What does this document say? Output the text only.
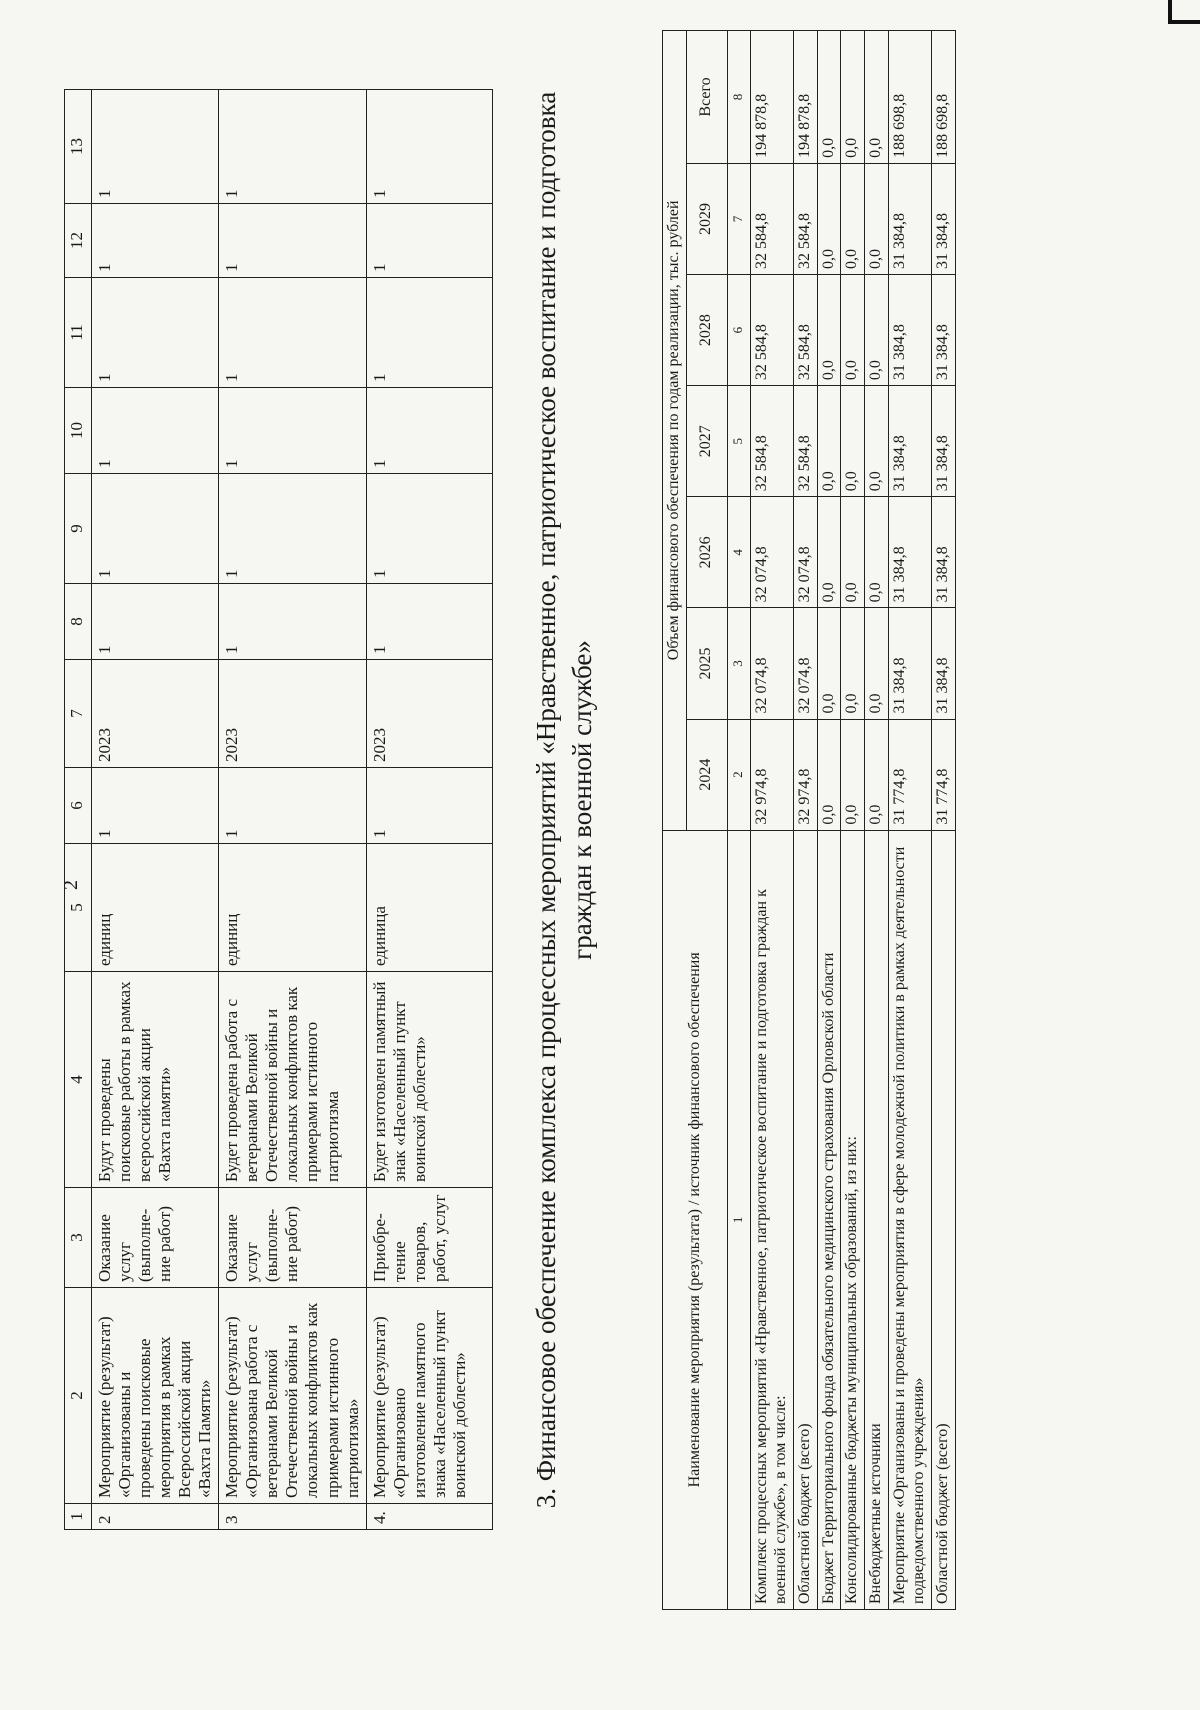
2
1	2	3	4	5	6	7	8	9	10	11	12	13
2	Мероприятие (результат) «Организованы и проведены поисковые мероприятия в рамках Всероссийской акции «Вахта Памяти»	Оказание услуг (выполне-ние работ)	Будут проведены поисковые работы в рамках всероссийской акции «Вахта памяти»	единиц	1	2023	1	1	1	1	1	1
3	Мероприятие (результат) «Организована работа с ветеранами Великой Отечественной войны и локальных конфликтов как примерами истинного патриотизма»	Оказание услуг (выполне-ние работ)	Будет проведена работа с ветеранами Великой Отечественной войны и локальных конфликтов как примерами истинного патриотизма	единиц	1	2023	1	1	1	1	1	1
4.	Мероприятие (результат) «Организовано изготовление памятного знака «Населенный пункт воинской доблести»	Приобре-тение товаров, работ, услуг	Будет изготовлен памятный знак «Населенный пункт воинской доблести»	единица	1	2023	1	1	1	1	1	1	3. Финансовое обеспечение комплекса процессных мероприятий «Нравственное, патриотическое воспитание и подготовка граждан к военной службе»
Наименование мероприятия (результата) / источник финансового обеспечения	Объем финансового обеспечения по годам реализации, тыс. рублей						
	2024	2025	2026	2027	2028	2029	Всего
1	2	3	4	5	6	7	8
Комплекс процессных мероприятий «Нравственное, патриотическое воспитание и подготовка граждан к военной службе», в том числе:	32 974,8	32 074,8	32 074,8	32 584,8	32 584,8	32 584,8	194 878,8
Областной бюджет (всего)	32 974,8	32 074,8	32 074,8	32 584,8	32 584,8	32 584,8	194 878,8
Бюджет Территориального фонда обязательного медицинского страхования Орловской области	0,0	0,0	0,0	0,0	0,0	0,0	0,0
Консолидированные бюджеты муниципальных образований, из них:	0,0	0,0	0,0	0,0	0,0	0,0	0,0
Внебюджетные источники	0,0	0,0	0,0	0,0	0,0	0,0	0,0
Мероприятие «Организованы и проведены мероприятия в сфере молодежной политики в рамках деятельности подведомственного учреждения»	31 774,8	31 384,8	31 384,8	31 384,8	31 384,8	31 384,8	188 698,8
Областной бюджет (всего)	31 774,8	31 384,8	31 384,8	31 384,8	31 384,8	31 384,8	188 698,8
